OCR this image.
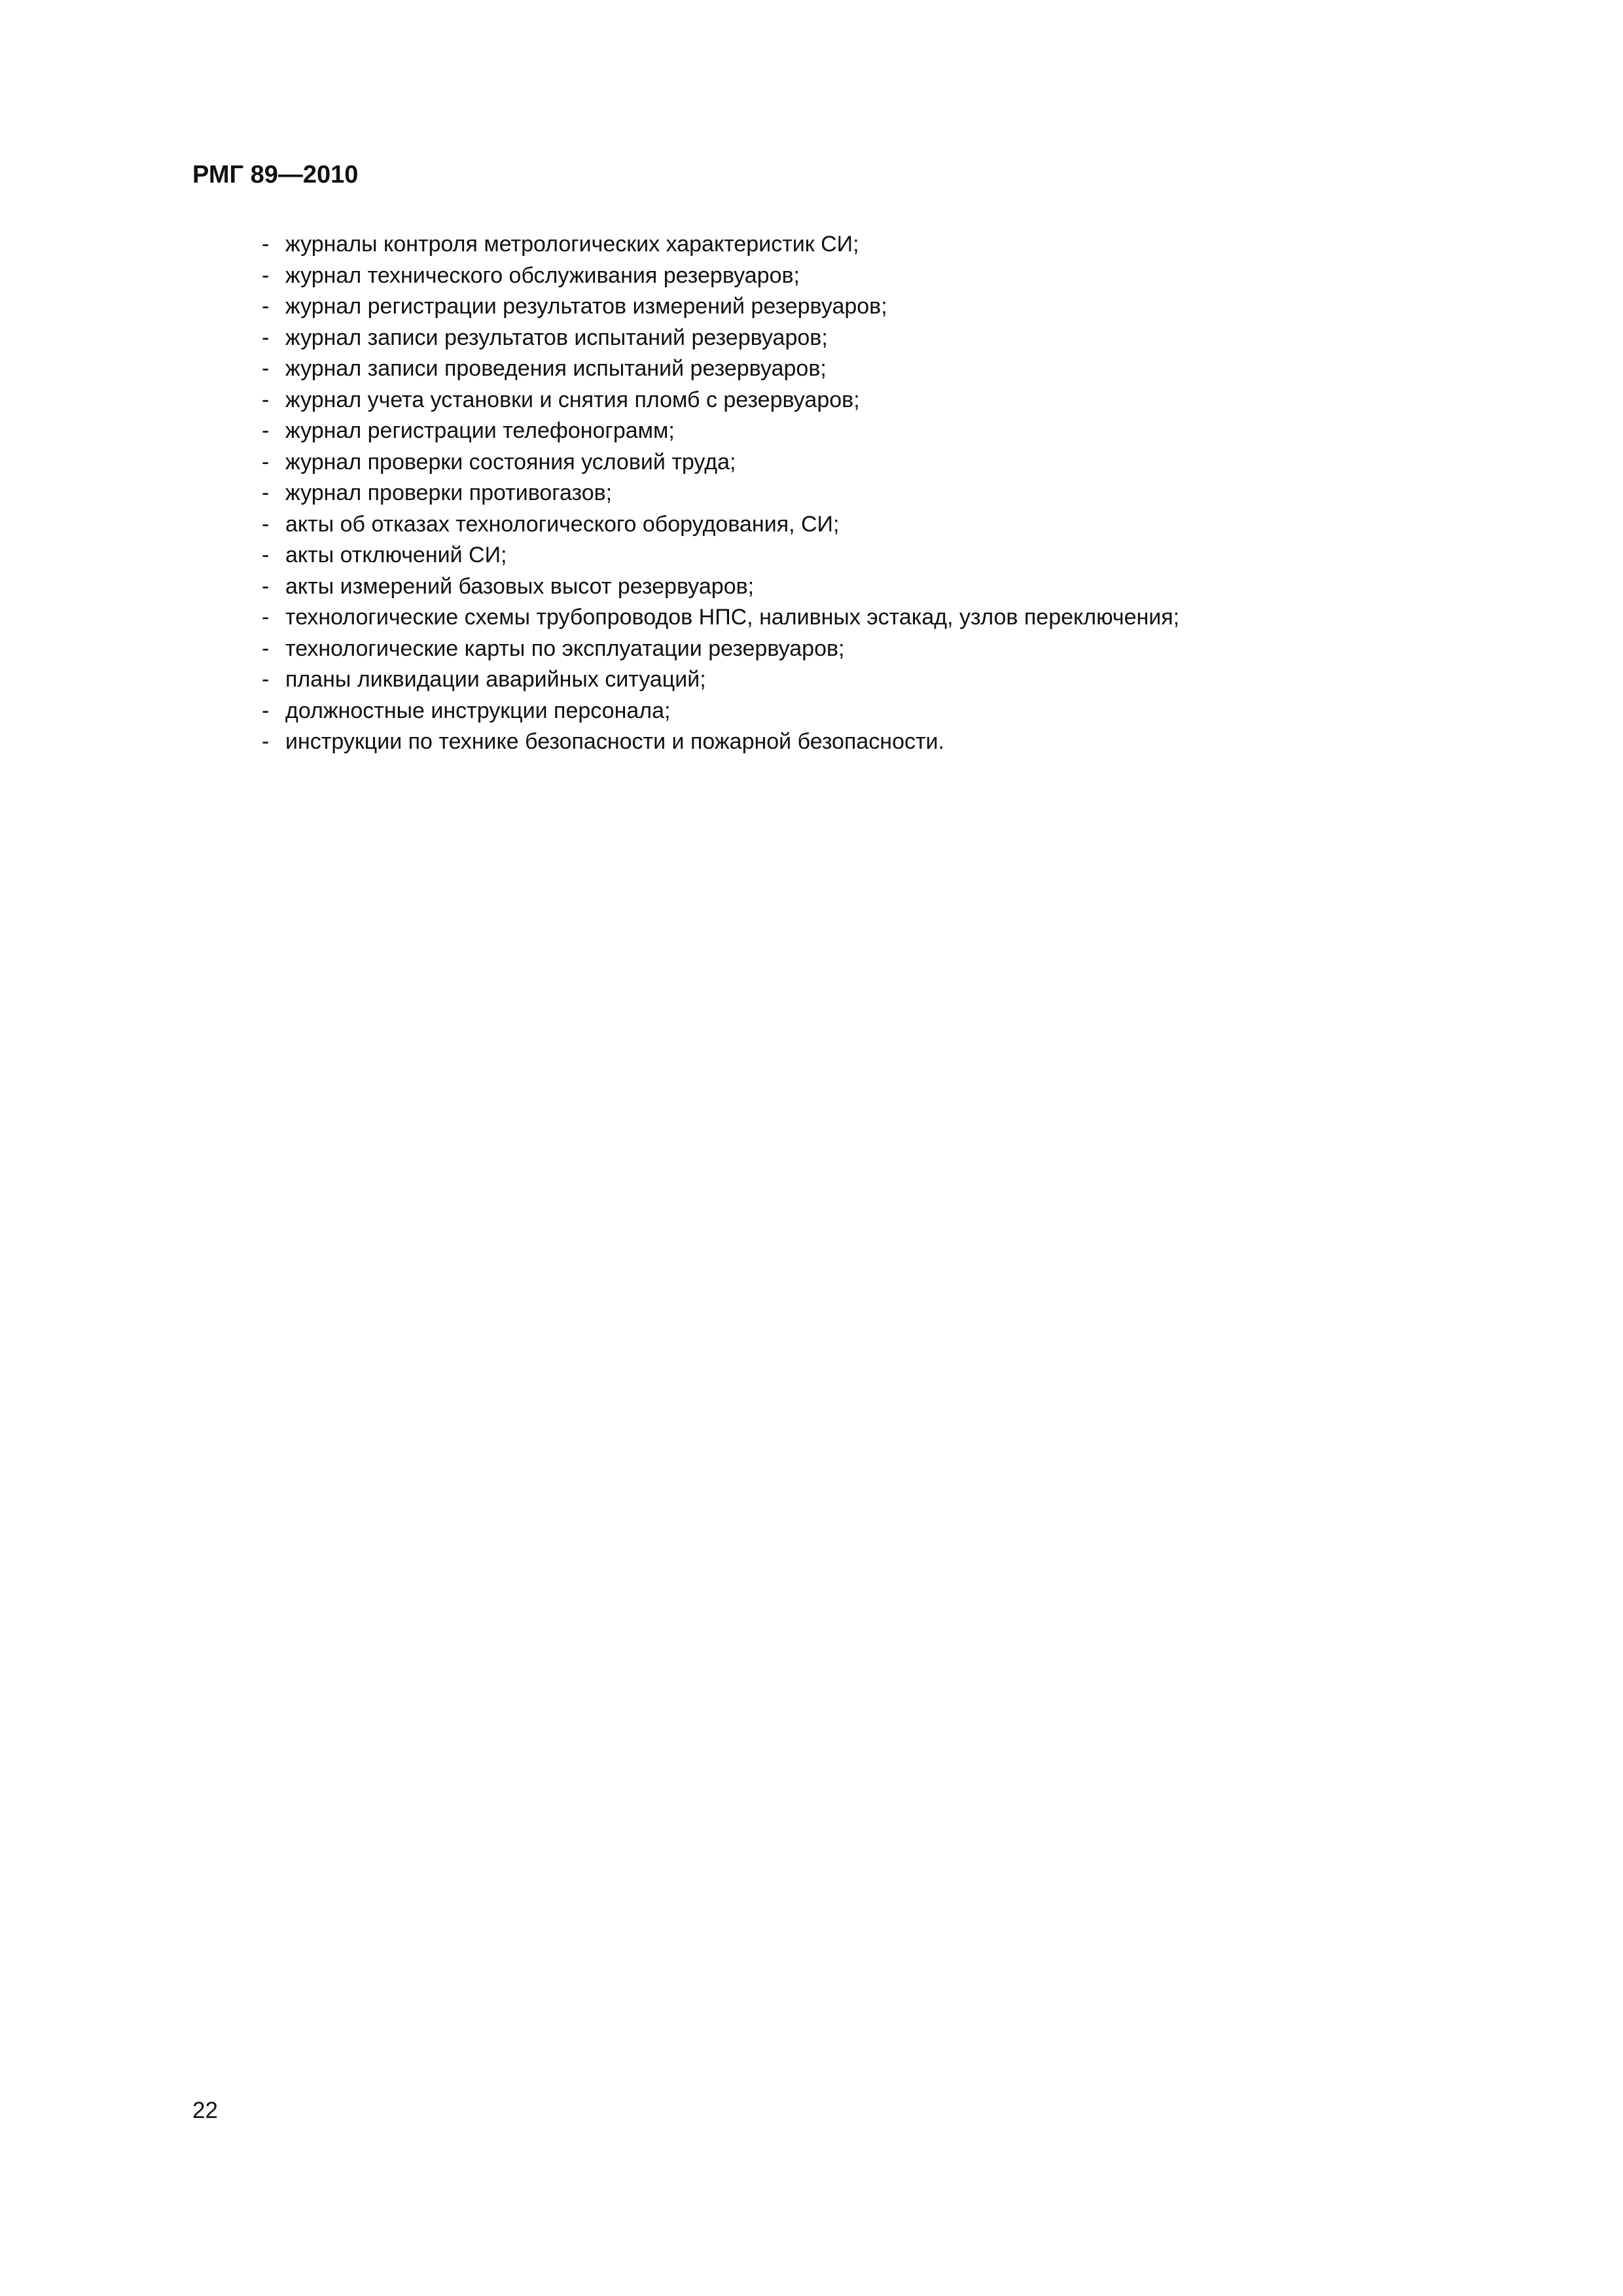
РМГ 89—2010
- журналы контроля метрологических характеристик СИ;
- журнал технического обслуживания резервуаров;
- журнал регистрации результатов измерений резервуаров;
- журнал записи результатов испытаний резервуаров;
- журнал записи проведения испытаний резервуаров;
- журнал учета установки и снятия пломб с резервуаров;
- журнал регистрации телефонограмм;
- журнал проверки состояния условий труда;
- журнал проверки противогазов;
- акты об отказах технологического оборудования, СИ;
- акты отключений СИ;
- акты измерений базовых высот резервуаров;
- технологические схемы трубопроводов НПС, наливных эстакад, узлов переключения;
- технологические карты по эксплуатации резервуаров;
- планы ликвидации аварийных ситуаций;
- должностные инструкции персонала;
- инструкции по технике безопасности и пожарной безопасности.
22
